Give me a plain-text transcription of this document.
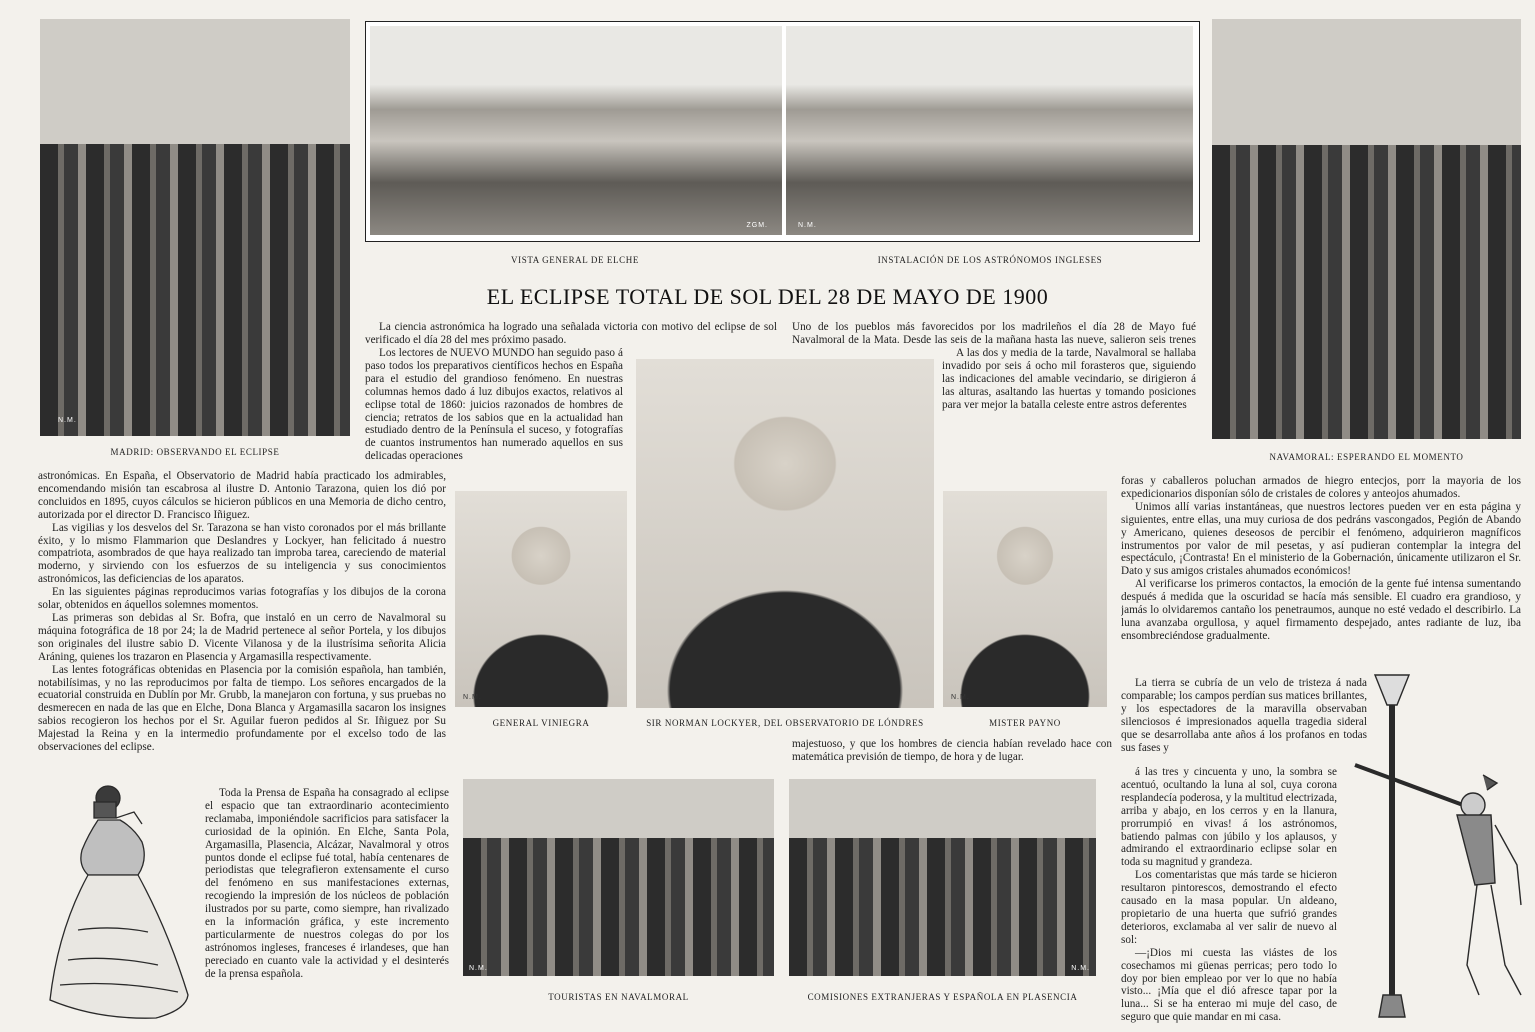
N.M.
MADRID: OBSERVANDO EL ECLIPSE
ZGM.	N.M.
VISTA GENERAL DE ELCHE	INSTALACIÓN DE LOS ASTRÓNOMOS INGLESES
NAVAMORAL: ESPERANDO EL MOMENTO
EL ECLIPSE TOTAL DE SOL DEL 28 DE MAYO DE 1900

La ciencia astronómica ha logrado una señalada victoria con motivo del eclipse de sol verificado el día 28 del mes próximo pasado.

Los lectores de NUEVO MUNDO han seguido paso á paso todos los preparativos científicos hechos en España para el estudio del grandioso fenómeno. En nuestras columnas hemos dado á luz dibujos exactos, relativos al eclipse total de 1860: juicios razonados de hombres de ciencia; retratos de los sabios que en la actualidad han estudiado dentro de la Península el suceso, y fotografías de cuantos instrumentos han numerado aquellos en sus delicadas operaciones

Uno de los pueblos más favorecidos por los madrileños el día 28 de Mayo fué Navalmoral de la Mata. Desde las seis de la mañana hasta las nueve, salieron seis trenes

A las dos y media de la tarde, Navalmoral se hallaba invadido por seis á ocho mil forasteros que, siguiendo las indicaciones del amable vecindario, se dirigieron á las alturas, asaltando las huertas y tomando posiciones para ver mejor la batalla celeste entre astros deferentes

SIR NORMAN LOCKYER, DEL OBSERVATORIO DE LÓNDRES
N.M.
GENERAL VINIEGRA
N.M.
MISTER PAYNO

astronómicas. En España, el Observatorio de Madrid había practicado los admirables, encomendando misión tan escabrosa al ilustre D. Antonio Tarazona, quien los dió por concluidos en 1895, cuyos cálculos se hicieron públicos en una Memoria de dicho centro, autorizada por el director D. Francisco Iñiguez.

Las vigilias y los desvelos del Sr. Tarazona se han visto coronados por el más brillante éxito, y lo mismo Flammarion que Deslandres y Lockyer, han felicitado á nuestro compatriota, asombrados de que haya realizado tan improba tarea, careciendo de material moderno, y sirviendo con los esfuerzos de su inteligencia y sus conocimientos astronómicos, las deficiencias de los aparatos.

En las siguientes páginas reproducimos varias fotografías y los dibujos de la corona solar, obtenidos en áquellos solemnes momentos.

Las primeras son debidas al Sr. Bofra, que instaló en un cerro de Navalmoral su máquina fotográfica de 18 por 24; la de Madrid pertenece al señor Portela, y los dibujos son originales del ilustre sabio D. Vicente Vilanosa y de la ilustrísima señorita Alicia Aráning, quienes los trazaron en Plasencia y Argamasilla respectivamente.

Las lentes fotográficas obtenidas en Plasencia por la comisión española, han también, notabilísimas, y no las reproducimos por falta de tiempo. Los señores encargados de la ecuatorial construida en Dublín por Mr. Grubb, la manejaron con fortuna, y sus pruebas no desmerecen en nada de las que en Elche, Dona Blanca y Argamasilla sacaron los insignes sabios recogieron los hechos por el Sr. Aguilar fueron pedidos al Sr. Iñiguez por Su Majestad la Reina y en la intermedio profundamente por el excelso todo de las observaciones del eclipse.

Toda la Prensa de España ha consagrado al eclipse el espacio que tan extraordinario acontecimiento reclamaba, imponiéndole sacrificios para satisfacer la curiosidad de la opinión. En Elche, Santa Pola, Argamasilla, Plasencia, Alcázar, Navalmoral y otros puntos donde el eclipse fué total, había centenares de periodistas que telegrafieron extensamente el curso del fenómeno en sus manifestaciones externas, recogiendo la impresión de los núcleos de población ilustrados por su parte, como siempre, han rivalizado en la información gráfica, y este incremento particularmente de nuestros colegas do por los astrónomos ingleses, franceses é irlandeses, que han pereciado en cuanto vale la actividad y el desinterés de la prensa española.

foras y caballeros poluchan armados de hiegro entecjos, porr la mayoria de los expedicionarios disponían sólo de cristales de colores y anteojos ahumados.

Unimos allí varias instantáneas, que nuestros lectores pueden ver en esta página y siguientes, entre ellas, una muy curiosa de dos pedráns vascongados, Pegión de Abando y Americano, quienes deseosos de percibir el fenómeno, adquirieron magníficos instrumentos por valor de mil pesetas, y así pudieran contemplar la integra del espectáculo, ¡Contrasta! En el ministerio de la Gobernación, únicamente utilizaron el Sr. Dato y sus amigos cristales ahumados económicos!

Al verificarse los primeros contactos, la emoción de la gente fué intensa sumentando después á medida que la oscuridad se hacía más sensible. El cuadro era grandioso, y jamás lo olvidaremos cantaño los penetraumos, aunque no esté vedado el describirlo. La luna avanzaba orgullosa, y aquel firmamento despejado, antes radiante de luz, iba ensombreciéndose gradualmente.

La tierra se cubría de un velo de tristeza á nada comparable; los campos perdían sus matices brillantes, y los espectadores de la maravilla observaban silenciosos é impresionados aquella tragedia sideral que se desarrollaba ante años á los profanos en todas sus fases y

majestuoso, y que los hombres de ciencia habían revelado hace con matemática previsión de tiempo, de hora y de lugar.

á las tres y cincuenta y uno, la sombra se acentuó, ocultando la luna al sol, cuya corona resplandecía poderosa, y la multitud electrizada, arriba y abajo, en los cerros y en la llanura, prorrumpió en vivas! á los astrónomos, batiendo palmas con júbilo y los aplausos, y admirando el extraordinario eclipse solar en toda su magnitud y grandeza.

Los comentaristas que más tarde se hicieron resultaron pintorescos, demostrando el efecto causado en la masa popular. Un aldeano, propietario de una huerta que sufrió grandes deterioros, exclamaba al ver salir de nuevo al sol:

—¡Dios mi cuesta las viástes de los cosechamos mi güenas perricas; pero todo lo doy por bien empleao por ver lo que no había visto... ¡Mía que el dió afresce tapar por la luna... Si se ha enterao mi muje del caso, de seguro que quie mandar en mi casa.

N.M.
TOURISTAS EN NAVALMORAL
N.M.
COMISIONES EXTRANJERAS Y ESPAÑOLA EN PLASENCIA
